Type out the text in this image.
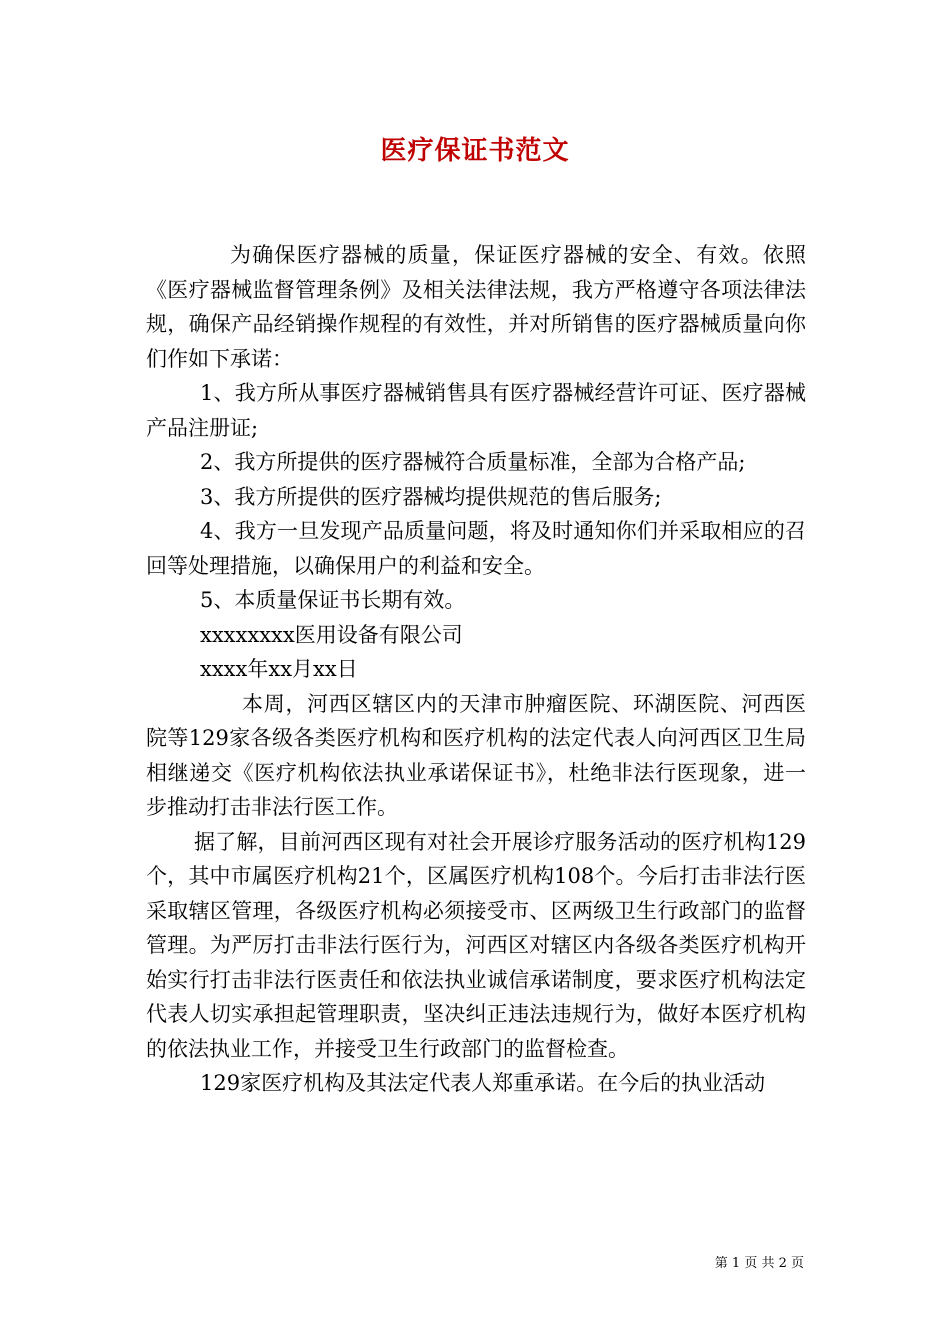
医疗保证书范文

为确保医疗器械的质量，保证医疗器械的安全、有效。依照《医疗器械监督管理条例》及相关法律法规，我方严格遵守各项法律法规，确保产品经销操作规程的有效性，并对所销售的医疗器械质量向你们作如下承诺：

1、我方所从事医疗器械销售具有医疗器械经营许可证、医疗器械产品注册证;

2、我方所提供的医疗器械符合质量标准，全部为合格产品;

3、我方所提供的医疗器械均提供规范的售后服务;

4、我方一旦发现产品质量问题，将及时通知你们并采取相应的召回等处理措施，以确保用户的利益和安全。

5、本质量保证书长期有效。

xxxxxxxx医用设备有限公司

xxxx年xx月xx日

本周，河西区辖区内的天津市肿瘤医院、环湖医院、河西医院等129家各级各类医疗机构和医疗机构的法定代表人向河西区卫生局相继递交《医疗机构依法执业承诺保证书》，杜绝非法行医现象，进一步推动打击非法行医工作。

据了解，目前河西区现有对社会开展诊疗服务活动的医疗机构129个，其中市属医疗机构21个，区属医疗机构108个。今后打击非法行医采取辖区管理，各级医疗机构必须接受市、区两级卫生行政部门的监督管理。为严厉打击非法行医行为，河西区对辖区内各级各类医疗机构开始实行打击非法行医责任和依法执业诚信承诺制度，要求医疗机构法定代表人切实承担起管理职责，坚决纠正违法违规行为，做好本医疗机构的依法执业工作，并接受卫生行政部门的监督检查。

129家医疗机构及其法定代表人郑重承诺。在今后的执业活动

第 1 页 共 2 页
